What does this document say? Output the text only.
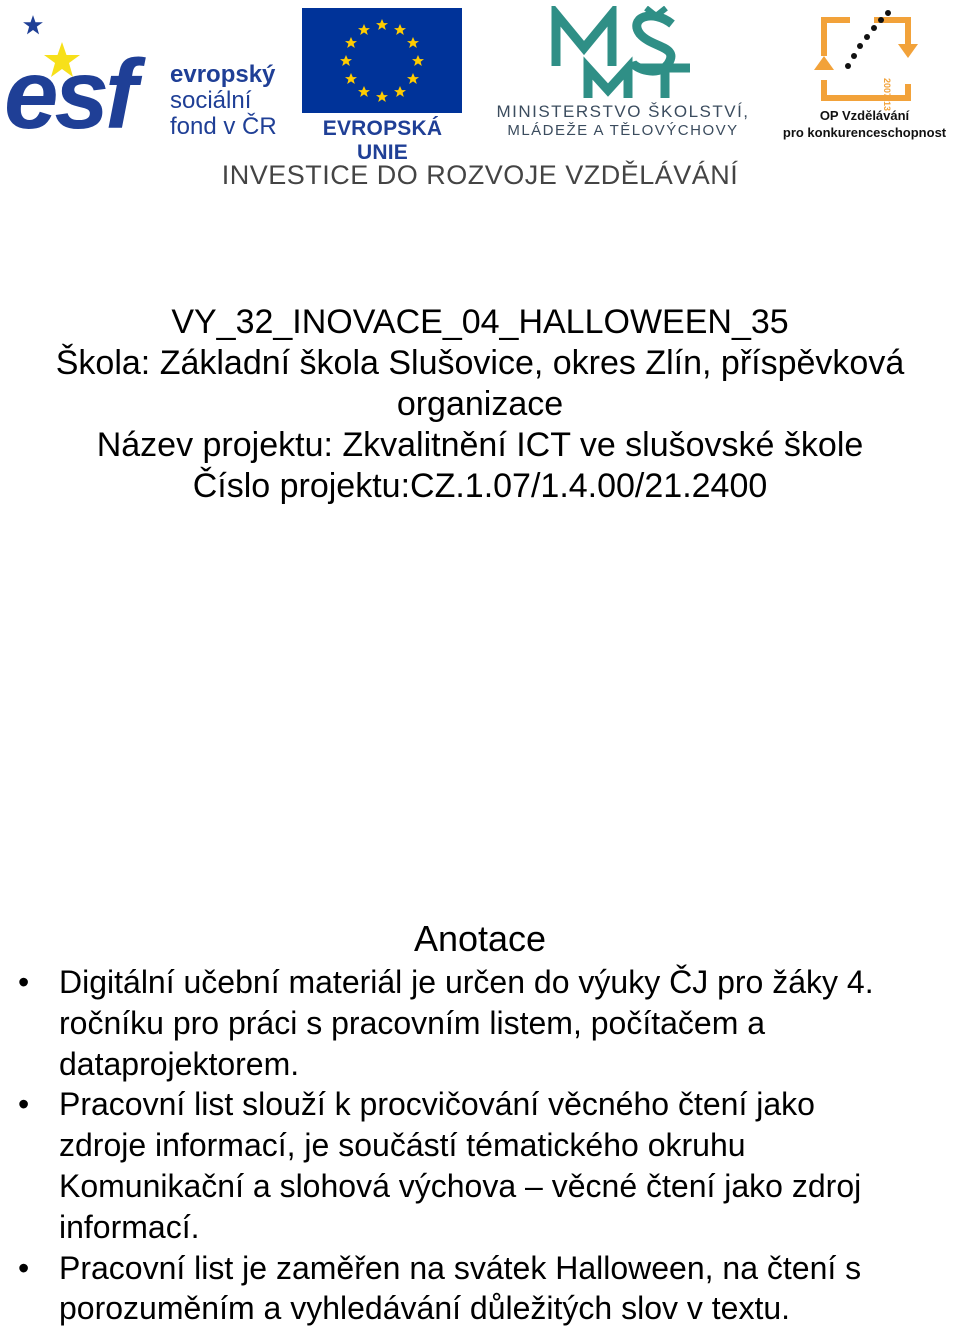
esf evropský
sociální
fond v ČR	EVROPSKÁ UNIE
MINISTERSTVO ŠKOLSTVÍ,
MLÁDEŽE A TĚLOVÝCHOVY
2007-13
OP Vzdělávání
pro konkurenceschopnost
INVESTICE DO ROZVOJE VZDĚLÁVÁNÍ
VY_32_INOVACE_04_HALLOWEEN_35
Škola: Základní škola Slušovice, okres Zlín, příspěvková
organizace
Název projektu: Zkvalitnění ICT ve slušovské škole
Číslo projektu:CZ.1.07/1.4.00/21.2400
Anotace
• Digitální učební materiál je určen do výuky ČJ pro žáky 4.
ročníku pro práci s pracovním listem, počítačem a
dataprojektorem.
• Pracovní list slouží k procvičování věcného čtení jako
zdroje informací, je součástí tématického okruhu
Komunikační a slohová výchova – věcné čtení jako zdroj
informací.
• Pracovní list je zaměřen na svátek Halloween, na čtení s
porozuměním a vyhledávání důležitých slov v textu.
